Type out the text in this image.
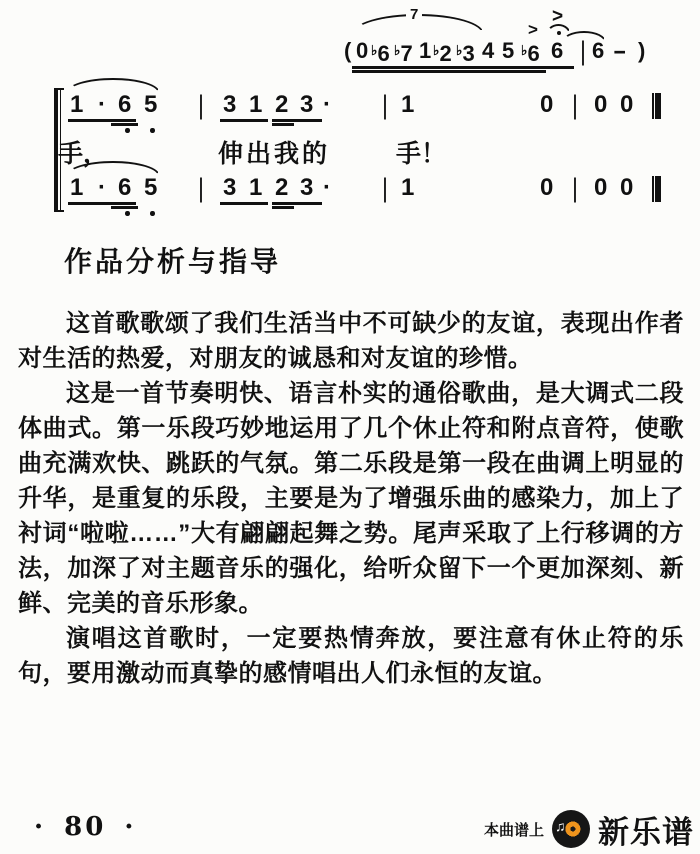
( 0 ♭6 ♭7 1 ♭2 ♭3 4 5 ♭6 6 | 6 - )
7
>
>
1 · 6 5 | 3 1 2 3 · | 1	0 | 0 0
手，	伸出我的	手！
1 · 6 5 | 3 1 2 3 · | 1	0 | 0 0
作品分析与指导

这首歌歌颂了我们生活当中不可缺少的友谊，表现出作者对生活的热爱，对朋友的诚恳和对友谊的珍惜。

这是一首节奏明快、语言朴实的通俗歌曲，是大调式二段体曲式。第一乐段巧妙地运用了几个休止符和附点音符，使歌曲充满欢快、跳跃的气氛。第二乐段是第一段在曲调上明显的升华，是重复的乐段，主要是为了增强乐曲的感染力，加上了衬词“啦啦……”大有翩翩起舞之势。尾声采取了上行移调的方法，加深了对主题音乐的强化，给听众留下一个更加深刻、新鲜、完美的音乐形象。

演唱这首歌时，一定要热情奔放，要注意有休止符的乐句，要用激动而真挚的感情唱出人们永恒的友谊。

· 80 ·	本曲谱上 ♫ 新乐谱
